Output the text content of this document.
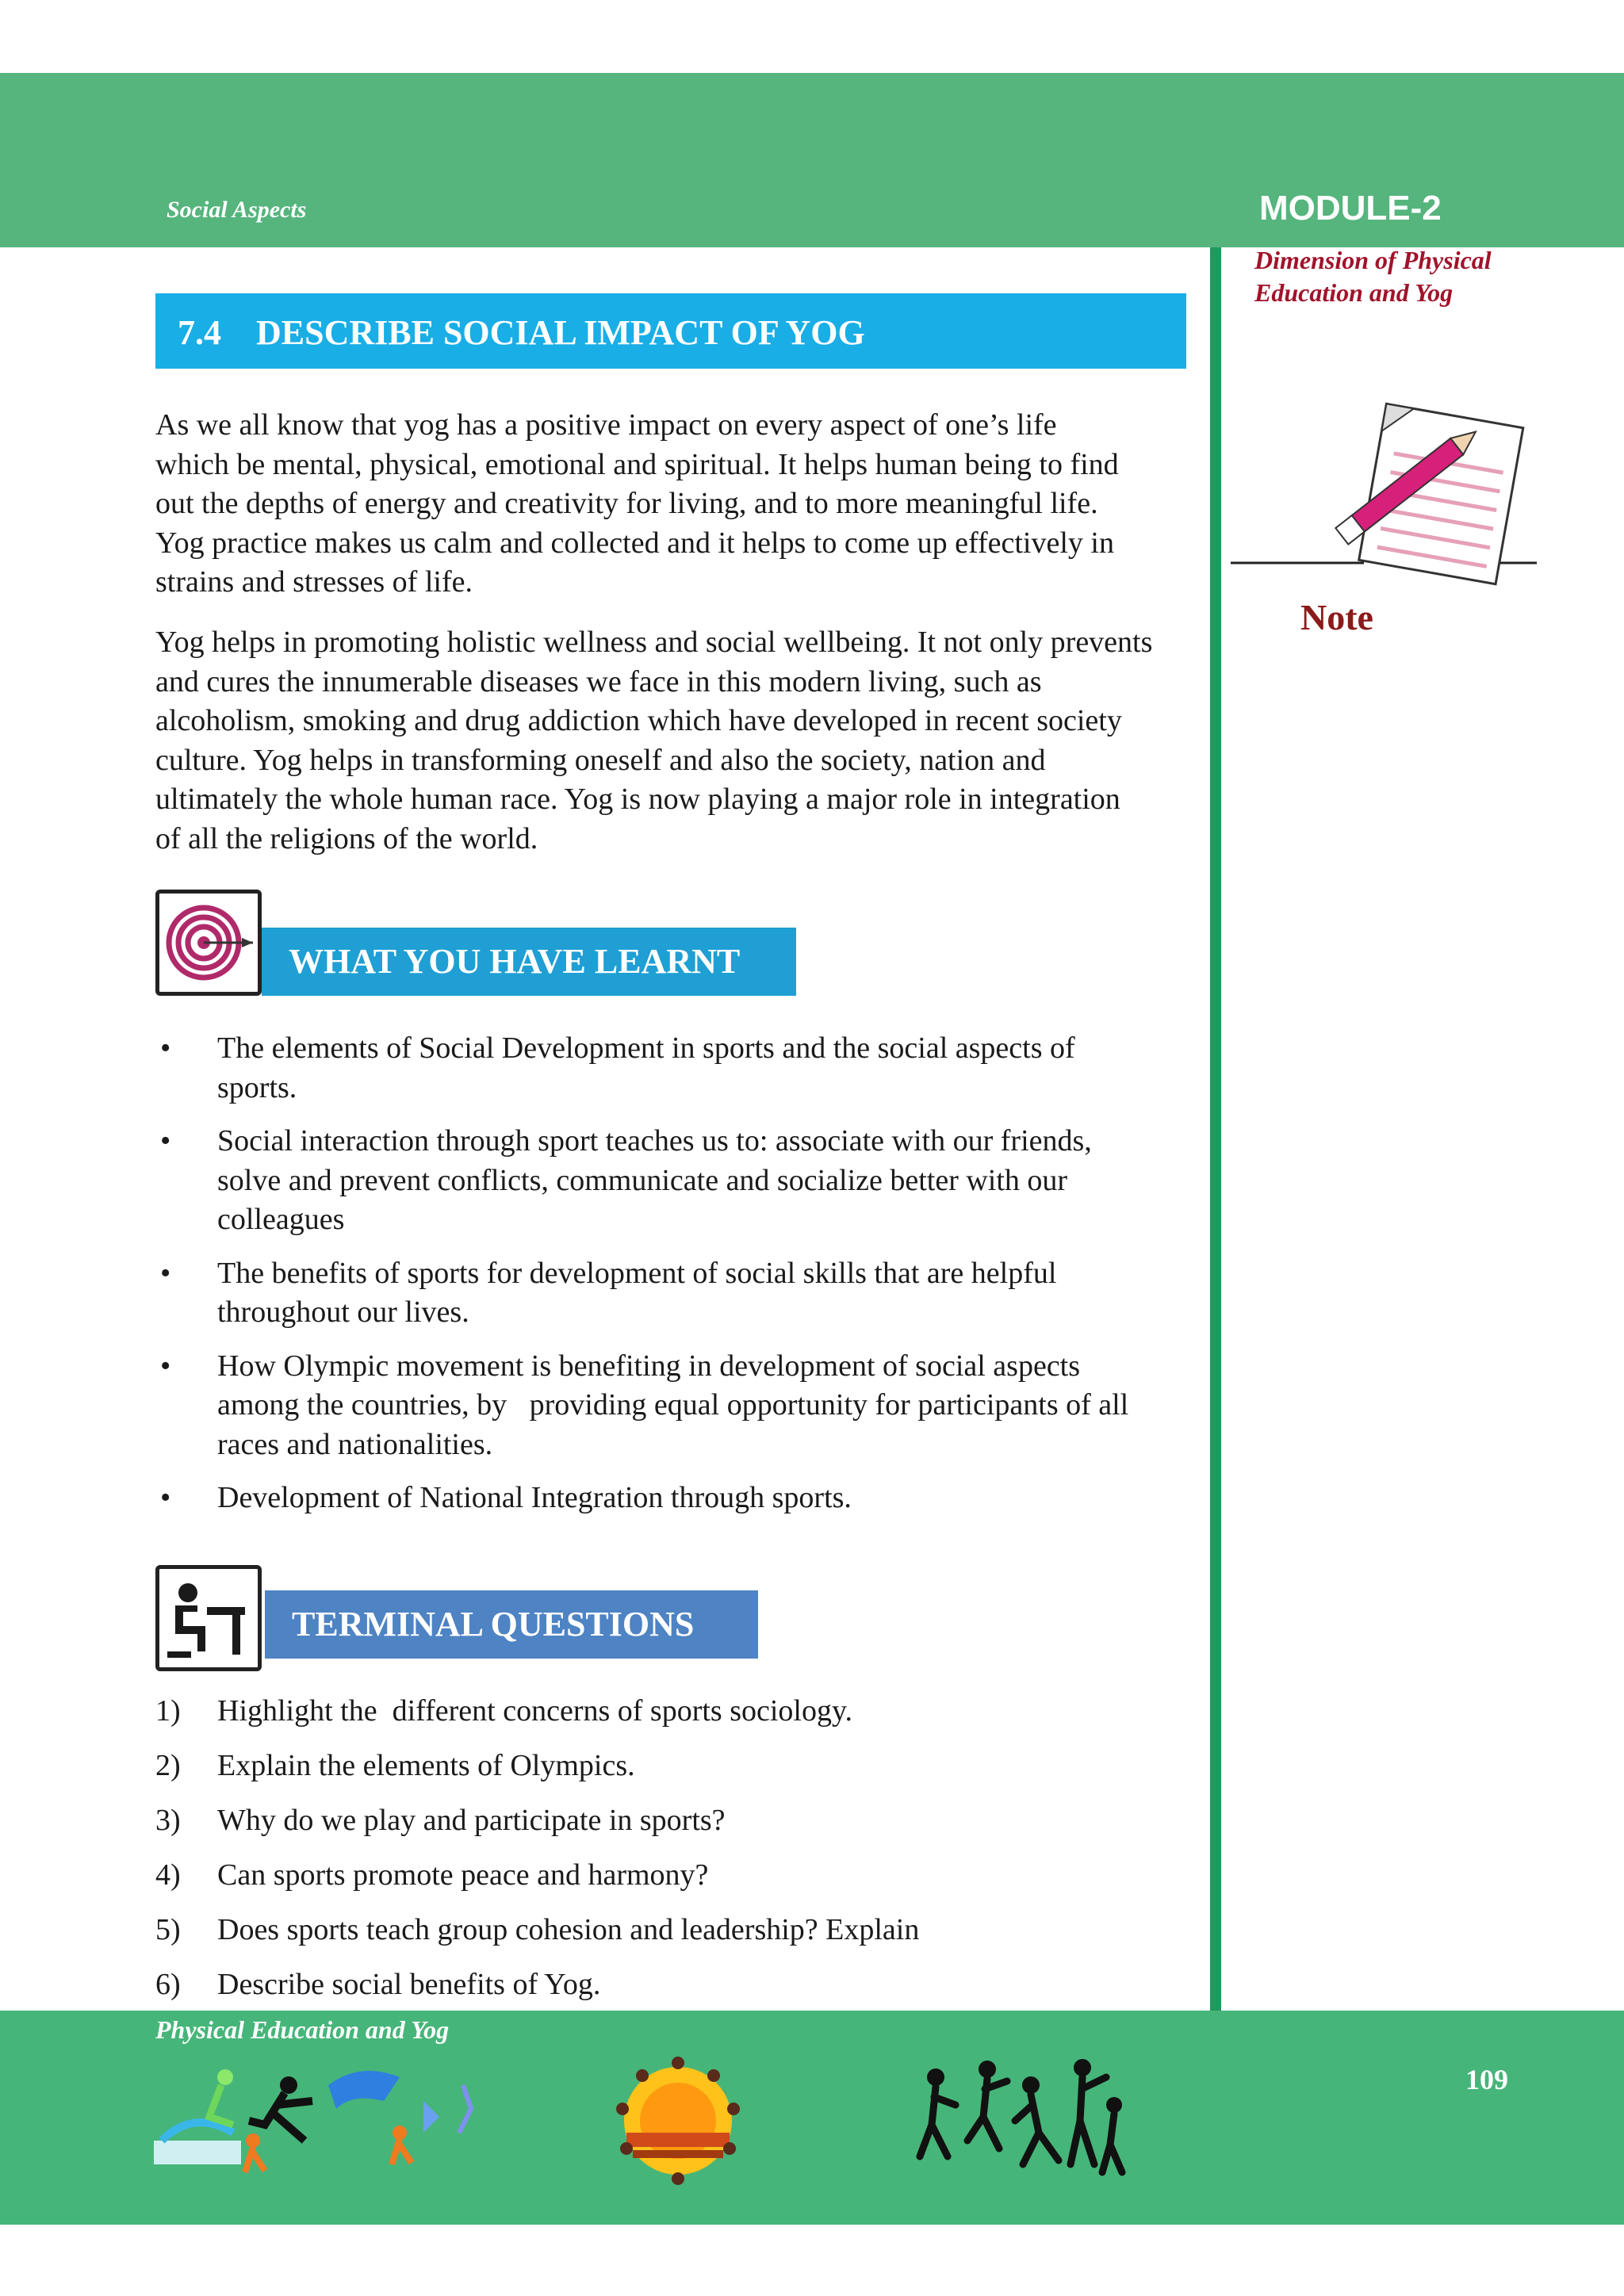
Social Aspects	MODULE-2
Dimension of Physical
Education and Yog
Note
7.4 DESCRIBE SOCIAL IMPACT OF YOG
As we all know that yog has a positive impact on every aspect of one’s life
which be mental, physical, emotional and spiritual. It helps human being to find
out the depths of energy and creativity for living, and to more meaningful life.
Yog practice makes us calm and collected and it helps to come up effectively in
strains and stresses of life.
Yog helps in promoting holistic wellness and social wellbeing. It not only prevents
and cures the innumerable diseases we face in this modern living, such as
alcoholism, smoking and drug addiction which have developed in recent society
culture. Yog helps in transforming oneself and also the society, nation and
ultimately the whole human race. Yog is now playing a major role in integration
of all the religions of the world.
WHAT YOU HAVE LEARNT
• The elements of Social Development in sports and the social aspects of
sports.
• Social interaction through sport teaches us to: associate with our friends,
solve and prevent conflicts, communicate and socialize better with our
colleagues
• The benefits of sports for development of social skills that are helpful
throughout our lives.
• How Olympic movement is benefiting in development of social aspects
among the countries, by   providing equal opportunity for participants of all
races and nationalities.
• Development of National Integration through sports.
TERMINAL QUESTIONS
1) Highlight the  different concerns of sports sociology.
2) Explain the elements of Olympics.
3) Why do we play and participate in sports?
4) Can sports promote peace and harmony?
5) Does sports teach group cohesion and leadership? Explain
6) Describe social benefits of Yog.
Physical Education and Yog
109
